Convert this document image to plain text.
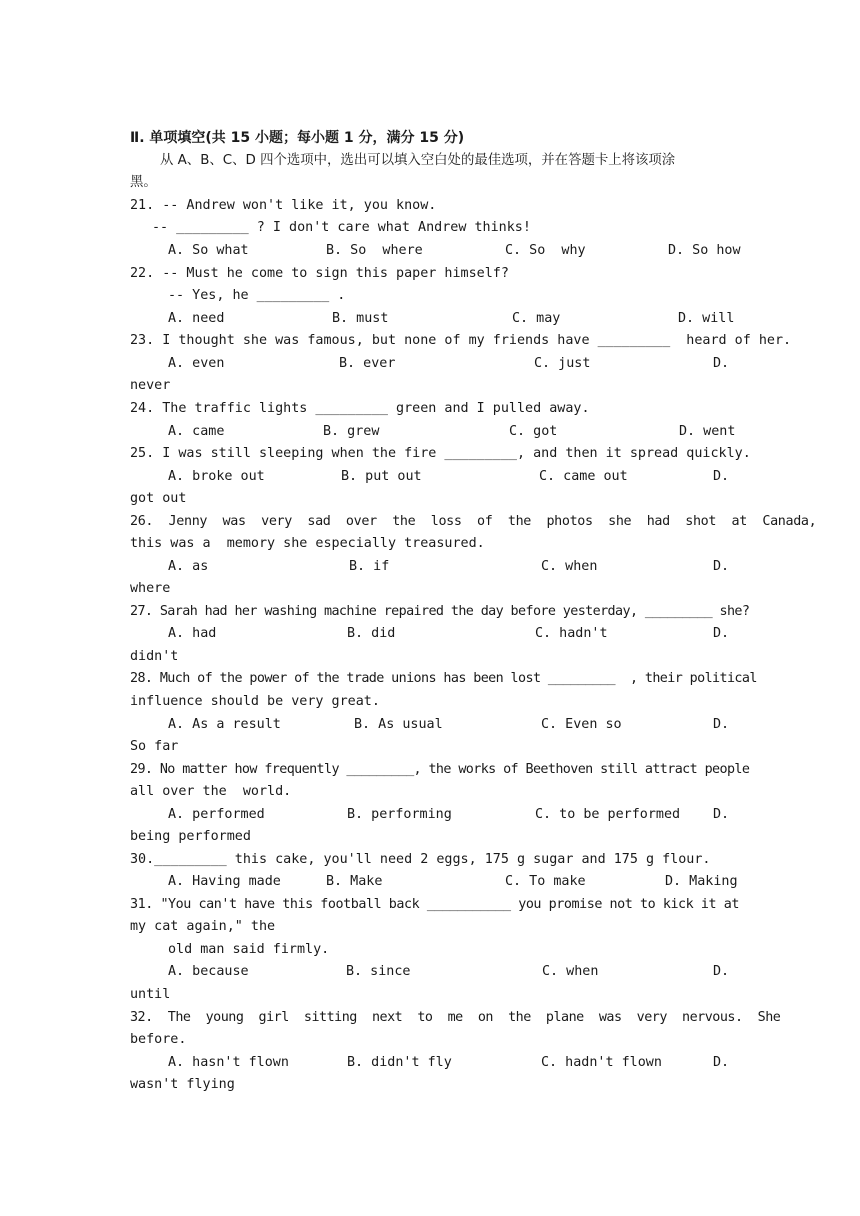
Ⅱ. 单项填空(共 15 小题；每小题 1 分，满分 15 分)
从 A、B、C、D 四个选项中，选出可以填入空白处的最佳选项，并在答题卡上将该项涂
黑。
21. -- Andrew won't like it, you know.
-- _________ ? I don't care what Andrew thinks!
A. So what	B. So  where	C. So  why	D. So how
22. -- Must he come to sign this paper himself?
-- Yes, he _________ .
A. need	B. must	C. may	D. will
23. I thought she was famous, but none of my friends have _________  heard of her.
A. even	B. ever	C. just	D.
never
24. The traffic lights _________ green and I pulled away.
A. came	B. grew	C. got	D. went
25. I was still sleeping when the fire _________, and then it spread quickly.
A. broke out	B. put out	C. came out	D.
got out
26.  Jenny  was  very  sad  over  the  loss  of  the  photos  she  had  shot  at  Canada,
this was a  memory she especially treasured.
A. as	B. if	C. when	D.
where
27. Sarah had her washing machine repaired the day before yesterday, _________ she?
A. had	B. did	C. hadn't	D.
didn't
28. Much of the power of the trade unions has been lost _________  , their political
influence should be very great.
A. As a result	B. As usual	C. Even so	D.
So far
29. No matter how frequently _________, the works of Beethoven still attract people
all over the  world.
A. performed	B. performing	C. to be performed D.
being performed
30._________ this cake, you'll need 2 eggs, 175 g sugar and 175 g flour.
A. Having made	B. Make	C. To make	D. Making
31. "You can't have this football back ___________ you promise not to kick it at
my cat again," the
old man said firmly.
A. because	B. since	C. when	D.
until
32.  The  young  girl  sitting  next  to  me  on  the  plane  was  very  nervous.  She
before.
A. hasn't flown	B. didn't fly	C. hadn't flown	D.
wasn't flying
